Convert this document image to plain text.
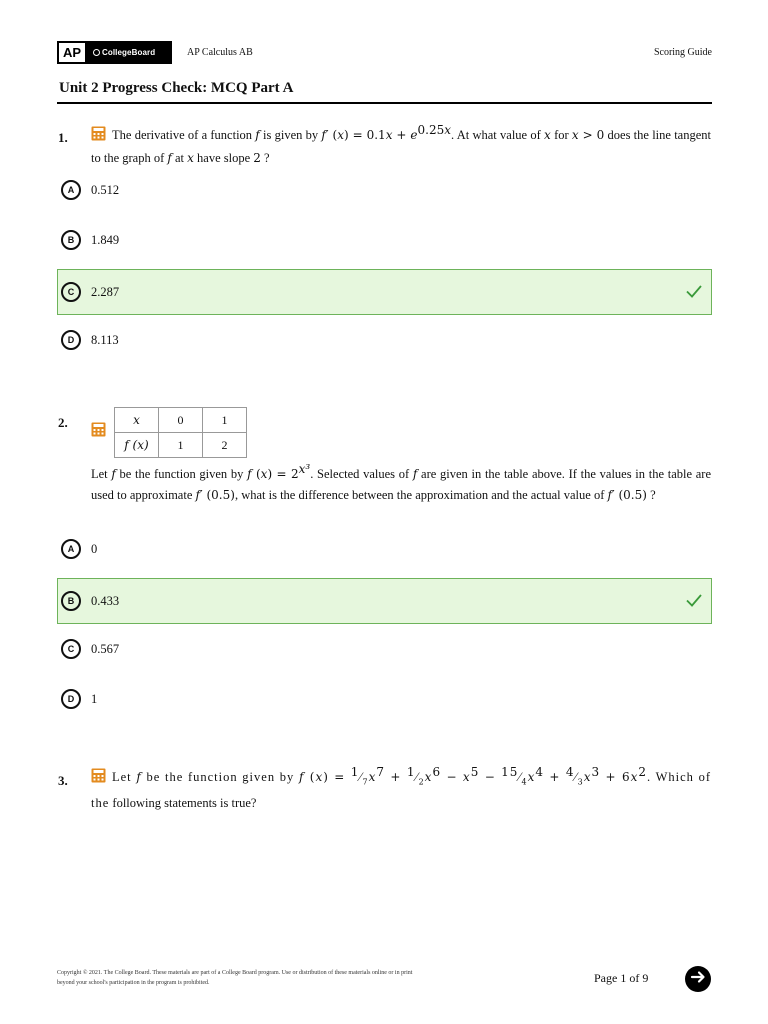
AP	CollegeBoard	AP Calculus AB	Scoring Guide
Unit 2 Progress Check: MCQ Part A
1.	The derivative of a function f is given by f′ $(x) = 0.1x + e^{0.25x}$. At what value of x for x > 0 does the line tangent to the graph of f at x have slope 2 ?
A	0.512
B	1.849
C	2.287
D	8.113
2.	x	0	1
f (x)	1	2
Let f be the function given by f $(x) = 2^{x^3}$. Selected values of f are given in the table above. If the values in the table are used to approximate f′ (0.5), what is the difference between the approximation and the actual value of f′ (0.5) ?
A	0
B	0.433
C	0.567
D	1
3.	Let f be the function given by f $(x) = ^1⁄_7x^7$ + $^1⁄_2x^6 - x^5$ − $^{15}⁄_4x^4$ + $^4⁄_3x^3 + 6x^2$. Which of the following statements is true?
Copyright © 2021. The College Board. These materials are part of a College Board program. Use or distribution of these materials online or in print
beyond your school's participation in the program is prohibited.	Page 1 of 9
